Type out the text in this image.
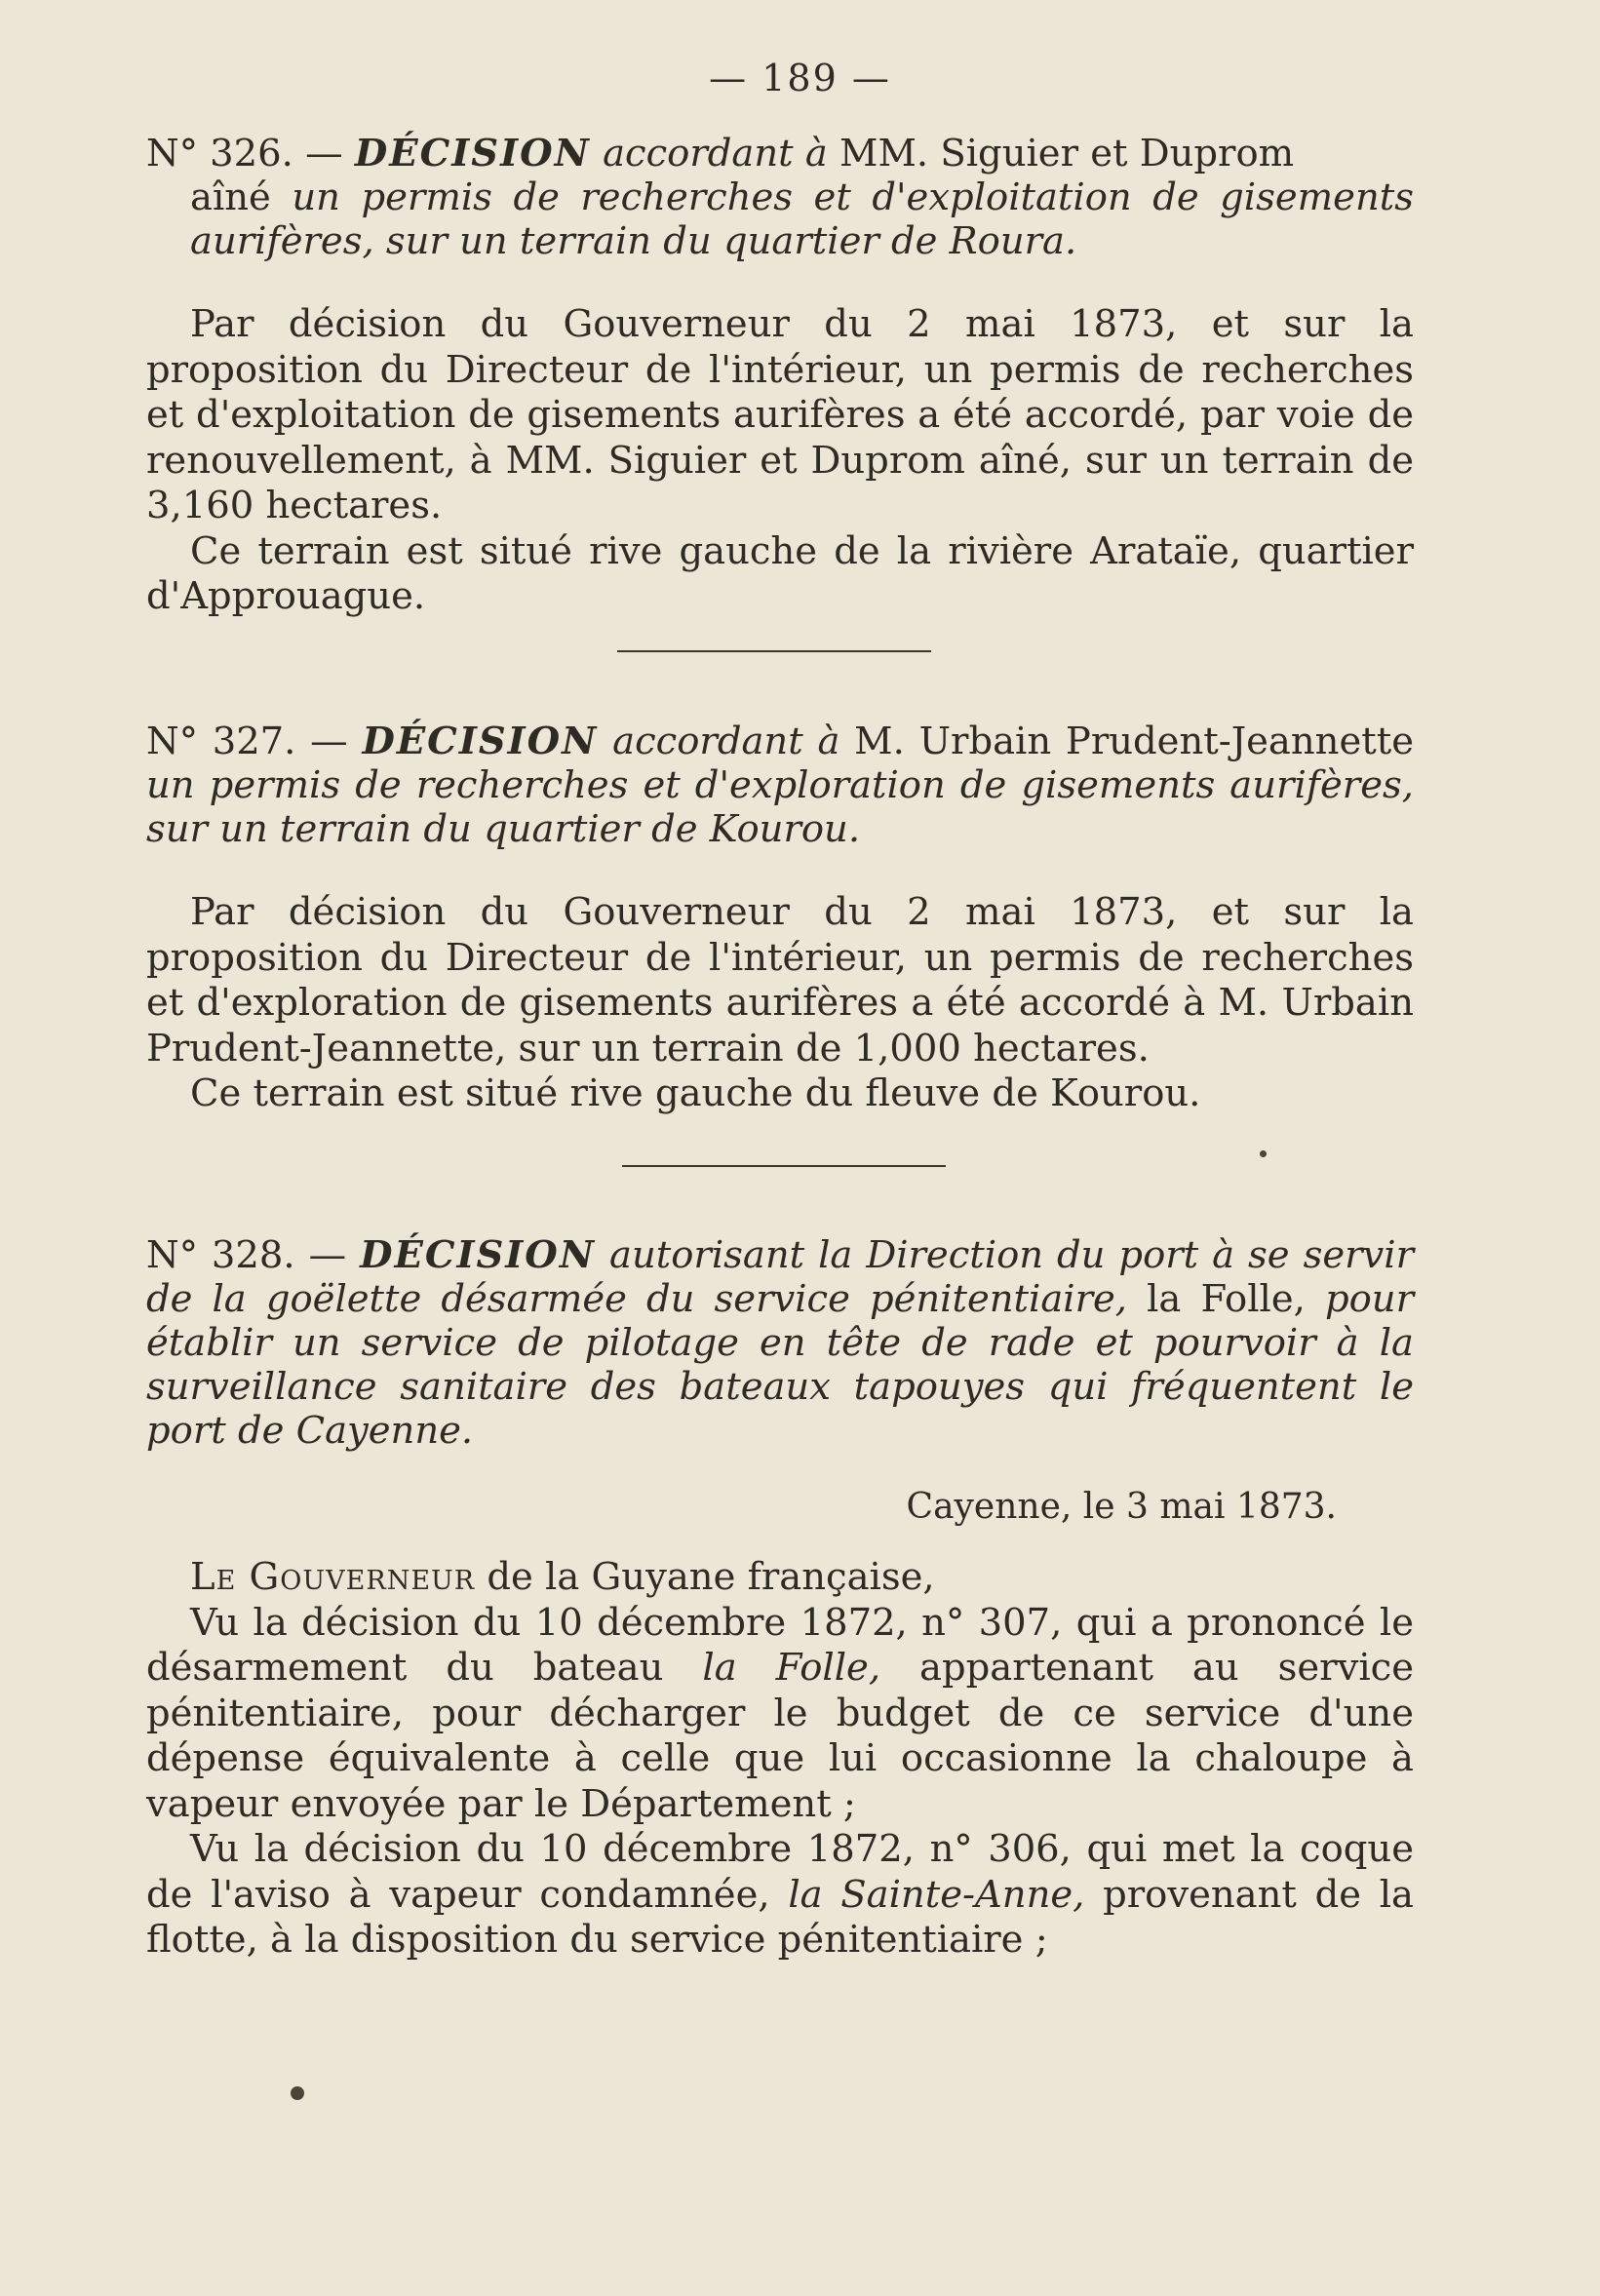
— 189 —
N° 326. — DÉCISION accordant à MM. Siguier et Duprom
aîné un permis de recherches et d'exploitation de gisements aurifères, sur un terrain du quartier de Roura.

Par décision du Gouverneur du 2 mai 1873, et sur la proposition du Directeur de l'intérieur, un permis de recherches et d'exploitation de gisements aurifères a été accordé, par voie de renouvellement, à MM. Siguier et Duprom aîné, sur un terrain de 3,160 hectares.

Ce terrain est situé rive gauche de la rivière Arataïe, quartier d'Approuague.

N° 327. — DÉCISION accordant à M. Urbain Prudent-Jeannette un permis de recherches et d'exploration de gisements aurifères, sur un terrain du quartier de Kourou.

Par décision du Gouverneur du 2 mai 1873, et sur la proposition du Directeur de l'intérieur, un permis de recherches et d'exploration de gisements aurifères a été accordé à M. Urbain Prudent-Jeannette, sur un terrain de 1,000 hectares.

Ce terrain est situé rive gauche du fleuve de Kourou.

N° 328. — DÉCISION autorisant la Direction du port à se servir de la goëlette désarmée du service pénitentiaire, la Folle, pour établir un service de pilotage en tête de rade et pourvoir à la surveillance sanitaire des bateaux tapouyes qui fréquentent le port de Cayenne.
Cayenne, le 3 mai 1873.

Le Gouverneur de la Guyane française,

Vu la décision du 10 décembre 1872, n° 307, qui a prononcé le désarmement du bateau la Folle, appartenant au service pénitentiaire, pour décharger le budget de ce service d'une dépense équivalente à celle que lui occasionne la chaloupe à vapeur envoyée par le Département ;

Vu la décision du 10 décembre 1872, n° 306, qui met la coque de l'aviso à vapeur condamnée, la Sainte-Anne, provenant de la flotte, à la disposition du service pénitentiaire ;
